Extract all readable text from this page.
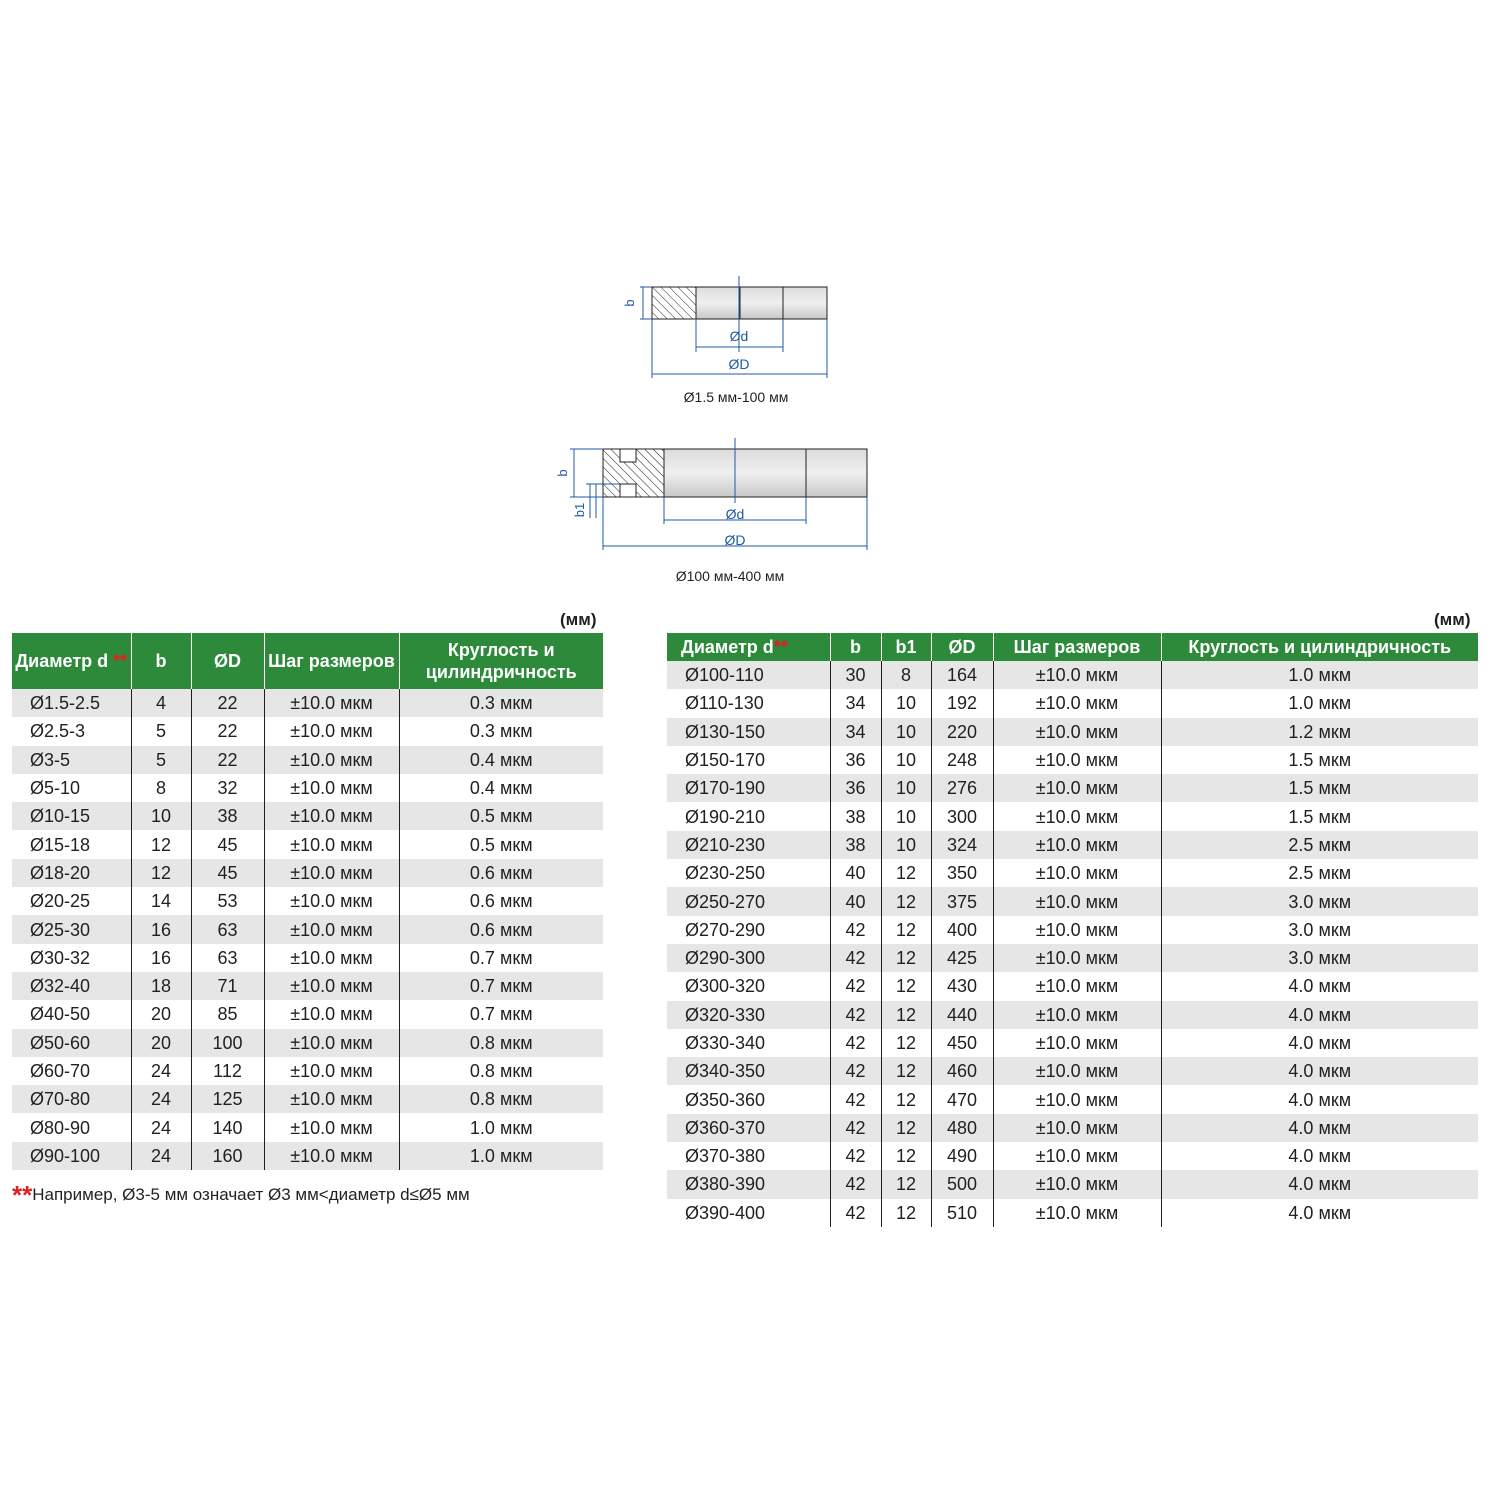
b
Ød
ØD
b
b1	Ød
ØD
Ø1.5 мм-100 мм
Ø100 мм-400 мм
(мм)	(мм)
Диаметр d **	b	ØD	Шаг размеров	Круглость и цилиндричность
Ø1.5-2.5	4	22	±10.0 мкм	0.3 мкм
Ø2.5-3	5	22	±10.0 мкм	0.3 мкм
Ø3-5	5	22	±10.0 мкм	0.4 мкм
Ø5-10	8	32	±10.0 мкм	0.4 мкм
Ø10-15	10	38	±10.0 мкм	0.5 мкм
Ø15-18	12	45	±10.0 мкм	0.5 мкм
Ø18-20	12	45	±10.0 мкм	0.6 мкм
Ø20-25	14	53	±10.0 мкм	0.6 мкм
Ø25-30	16	63	±10.0 мкм	0.6 мкм
Ø30-32	16	63	±10.0 мкм	0.7 мкм
Ø32-40	18	71	±10.0 мкм	0.7 мкм
Ø40-50	20	85	±10.0 мкм	0.7 мкм
Ø50-60	20	100	±10.0 мкм	0.8 мкм
Ø60-70	24	112	±10.0 мкм	0.8 мкм
Ø70-80	24	125	±10.0 мкм	0.8 мкм
Ø80-90	24	140	±10.0 мкм	1.0 мкм
Ø90-100	24	160	±10.0 мкм	1.0 мкм
**Например, Ø3-5 мм означает Ø3 мм<диаметр d≤Ø5 мм
Диаметр d**	b	b1	ØD	Шаг размеров	Круглость и цилиндричность
Ø100-110	30	8	164	±10.0 мкм	1.0 мкм
Ø110-130	34	10	192	±10.0 мкм	1.0 мкм
Ø130-150	34	10	220	±10.0 мкм	1.2 мкм
Ø150-170	36	10	248	±10.0 мкм	1.5 мкм
Ø170-190	36	10	276	±10.0 мкм	1.5 мкм
Ø190-210	38	10	300	±10.0 мкм	1.5 мкм
Ø210-230	38	10	324	±10.0 мкм	2.5 мкм
Ø230-250	40	12	350	±10.0 мкм	2.5 мкм
Ø250-270	40	12	375	±10.0 мкм	3.0 мкм
Ø270-290	42	12	400	±10.0 мкм	3.0 мкм
Ø290-300	42	12	425	±10.0 мкм	3.0 мкм
Ø300-320	42	12	430	±10.0 мкм	4.0 мкм
Ø320-330	42	12	440	±10.0 мкм	4.0 мкм
Ø330-340	42	12	450	±10.0 мкм	4.0 мкм
Ø340-350	42	12	460	±10.0 мкм	4.0 мкм
Ø350-360	42	12	470	±10.0 мкм	4.0 мкм
Ø360-370	42	12	480	±10.0 мкм	4.0 мкм
Ø370-380	42	12	490	±10.0 мкм	4.0 мкм
Ø380-390	42	12	500	±10.0 мкм	4.0 мкм
Ø390-400	42	12	510	±10.0 мкм	4.0 мкм
